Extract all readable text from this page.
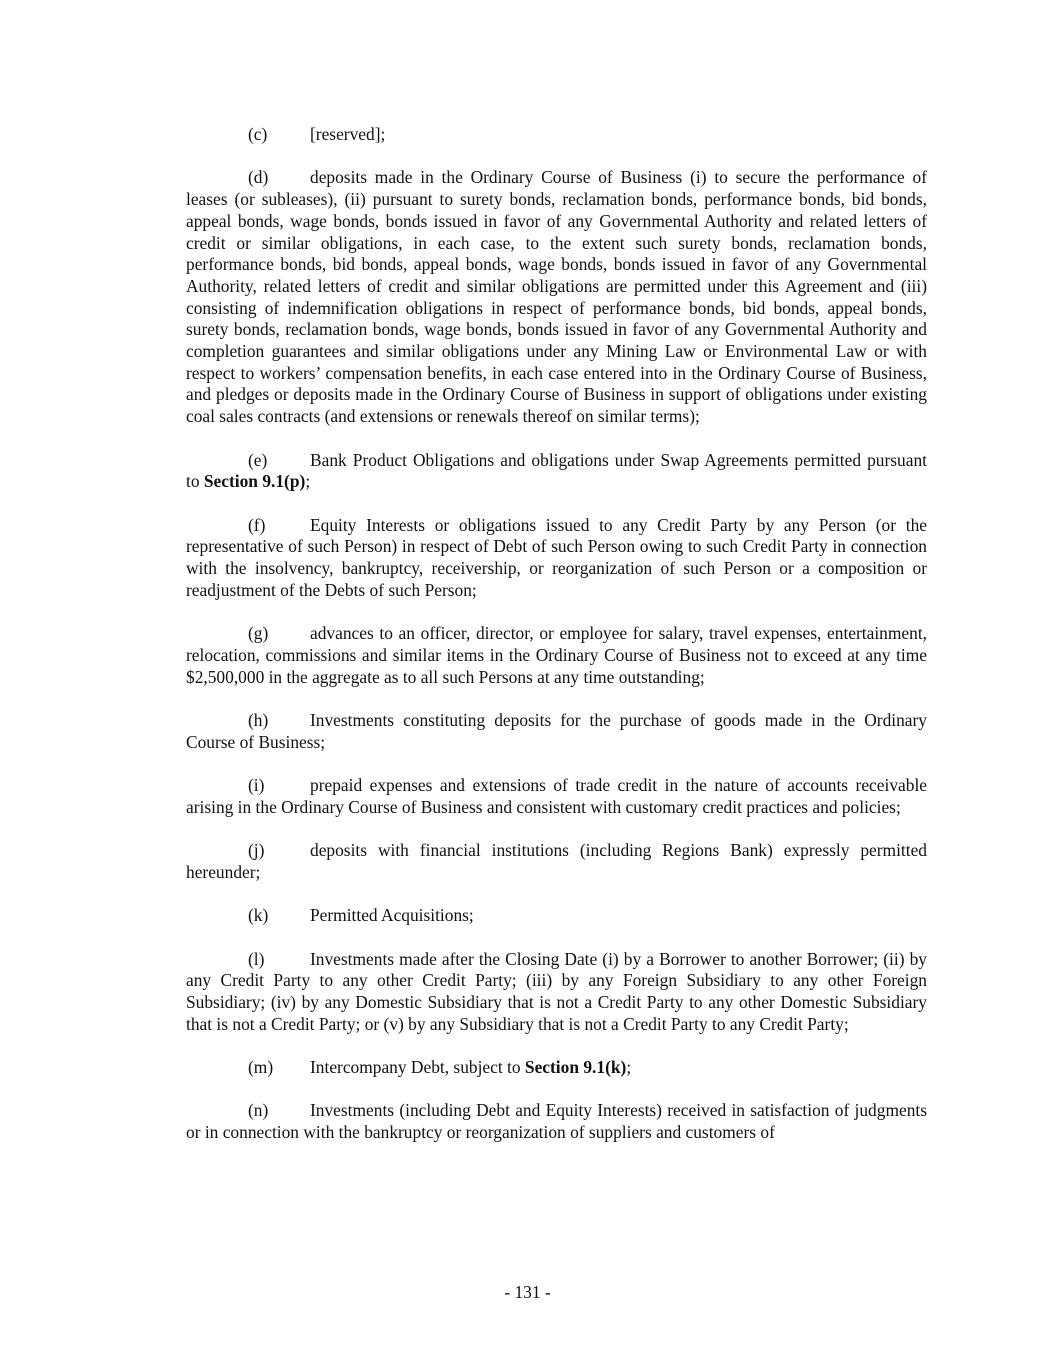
(c) [reserved];

(d) deposits made in the Ordinary Course of Business (i) to secure the performance of leases (or subleases), (ii) pursuant to surety bonds, reclamation bonds, performance bonds, bid bonds, appeal bonds, wage bonds, bonds issued in favor of any Governmental Authority and related letters of credit or similar obligations, in each case, to the extent such surety bonds, reclamation bonds, performance bonds, bid bonds, appeal bonds, wage bonds, bonds issued in favor of any Governmental Authority, related letters of credit and similar obligations are permitted under this Agreement and (iii) consisting of indemnification obligations in respect of performance bonds, bid bonds, appeal bonds, surety bonds, reclamation bonds, wage bonds, bonds issued in favor of any Governmental Authority and completion guarantees and similar obligations under any Mining Law or Environmental Law or with respect to workers’ compensation benefits, in each case entered into in the Ordinary Course of Business, and pledges or deposits made in the Ordinary Course of Business in support of obligations under existing coal sales contracts (and extensions or renewals thereof on similar terms);

(e) Bank Product Obligations and obligations under Swap Agreements permitted pursuant to Section 9.1(p);

(f)	Equity Interests or obligations issued to any Credit Party by any Person (or the representative of such Person) in respect of Debt of such Person owing to such Credit Party in connection with the insolvency, bankruptcy, receivership, or reorganization of such Person or a composition or readjustment of the Debts of such Person;

(g) advances to an officer, director, or employee for salary, travel expenses, entertainment, relocation, commissions and similar items in the Ordinary Course of Business not to exceed at any time $2,500,000 in the aggregate as to all such Persons at any time outstanding;

(h) Investments constituting deposits for the purchase of goods made in the Ordinary Course of Business;

(i)	prepaid expenses and extensions of trade credit in the nature of accounts receivable arising in the Ordinary Course of Business and consistent with customary credit practices and policies;

(j)	deposits with financial institutions (including Regions Bank) expressly permitted hereunder;

(k) Permitted Acquisitions;

(l)	Investments made after the Closing Date (i) by a Borrower to another Borrower; (ii) by any Credit Party to any other Credit Party; (iii) by any Foreign Subsidiary to any other Foreign Subsidiary; (iv) by any Domestic Subsidiary that is not a Credit Party to any other Domestic Subsidiary that is not a Credit Party; or (v) by any Subsidiary that is not a Credit Party to any Credit Party;

(m) Intercompany Debt, subject to Section 9.1(k);

(n) Investments (including Debt and Equity Interests) received in satisfaction of judgments or in connection with the bankruptcy or reorganization of suppliers and customers of

- 131 -
